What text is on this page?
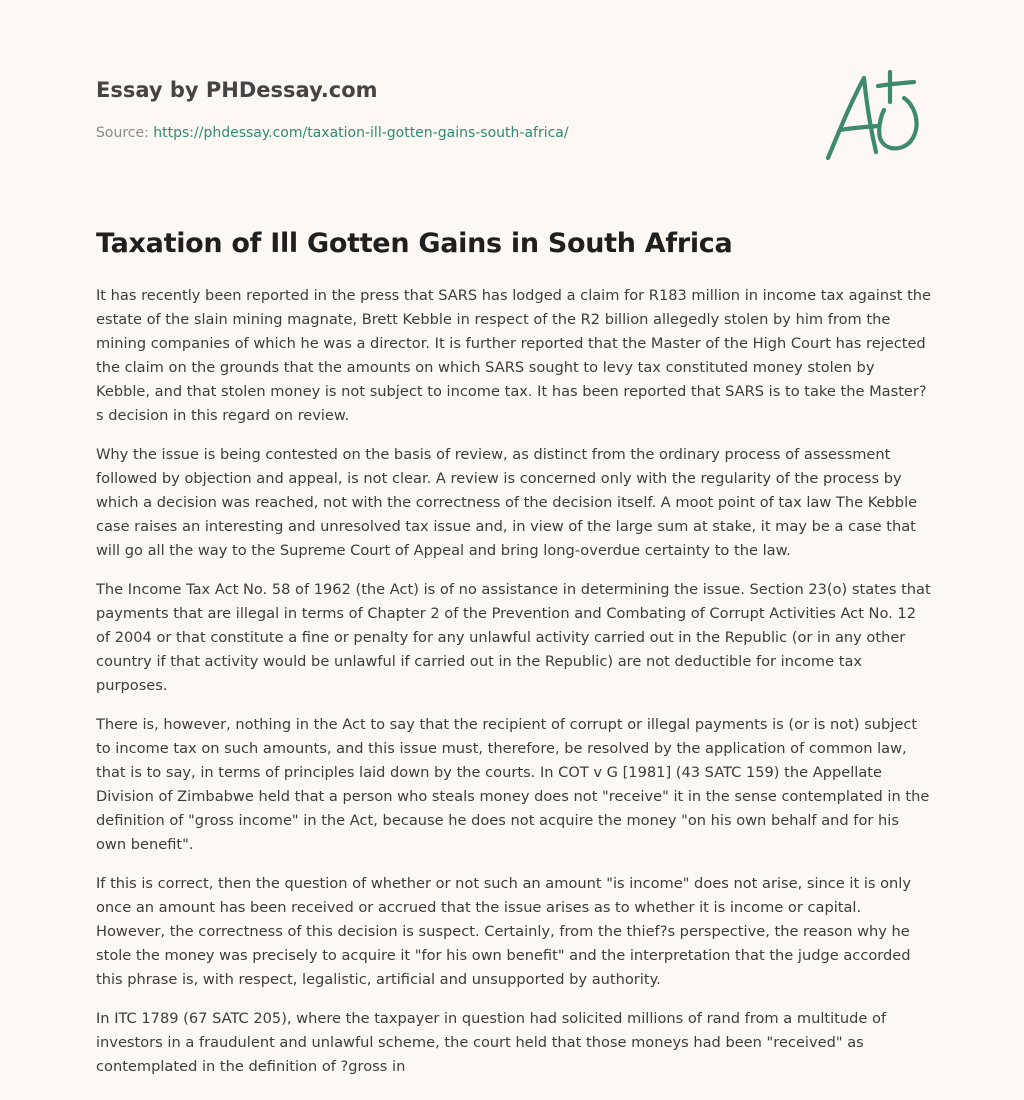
Essay by PHDessay.com
Source: https://phdessay.com/taxation-ill-gotten-gains-south-africa/
Taxation of Ill Gotten Gains in South Africa

It has recently been reported in the press that SARS has lodged a claim for R183 million in income tax against the estate of the slain mining magnate, Brett Kebble in respect of the R2 billion allegedly stolen by him from the mining companies of which he was a director. It is further reported that the Master of the High Court has rejected the claim on the grounds that the amounts on which SARS sought to levy tax constituted money stolen by Kebble, and that stolen money is not subject to income tax. It has been reported that SARS is to take the Master?s decision in this regard on review.

Why the issue is being contested on the basis of review, as distinct from the ordinary process of assessment followed by objection and appeal, is not clear. A review is concerned only with the regularity of the process by which a decision was reached, not with the correctness of the decision itself. A moot point of tax law The Kebble case raises an interesting and unresolved tax issue and, in view of the large sum at stake, it may be a case that will go all the way to the Supreme Court of Appeal and bring long-overdue certainty to the law.

The Income Tax Act No. 58 of 1962 (the Act) is of no assistance in determining the issue. Section 23(o) states that payments that are illegal in terms of Chapter 2 of the Prevention and Combating of Corrupt Activities Act No. 12 of 2004 or that constitute a fine or penalty for any unlawful activity carried out in the Republic (or in any other country if that activity would be unlawful if carried out in the Republic) are not deductible for income tax purposes.

There is, however, nothing in the Act to say that the recipient of corrupt or illegal payments is (or is not) subject to income tax on such amounts, and this issue must, therefore, be resolved by the application of common law, that is to say, in terms of principles laid down by the courts. In COT v G [1981] (43 SATC 159) the Appellate Division of Zimbabwe held that a person who steals money does not "receive" it in the sense contemplated in the definition of "gross income" in the Act, because he does not acquire the money "on his own behalf and for his own benefit".

If this is correct, then the question of whether or not such an amount "is income" does not arise, since it is only once an amount has been received or accrued that the issue arises as to whether it is income or capital. However, the correctness of this decision is suspect. Certainly, from the thief?s perspective, the reason why he stole the money was precisely to acquire it "for his own benefit" and the interpretation that the judge accorded this phrase is, with respect, legalistic, artificial and unsupported by authority.

In ITC 1789 (67 SATC 205), where the taxpayer in question had solicited millions of rand from a multitude of investors in a fraudulent and unlawful scheme, the court held that those moneys had been "received" as contemplated in the definition of ?gross in
